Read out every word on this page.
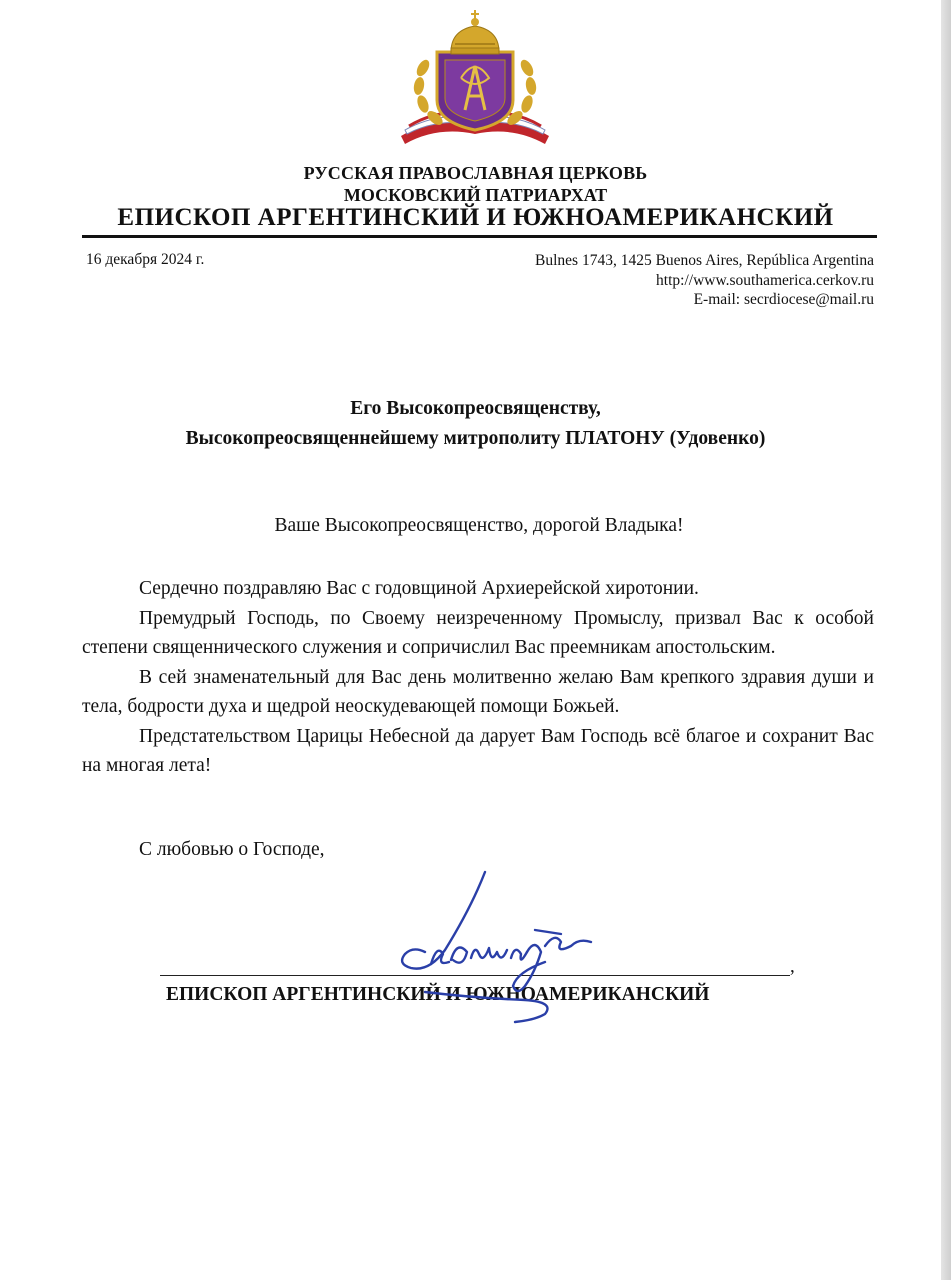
РУССКАЯ ПРАВОСЛАВНАЯ ЦЕРКОВЬ
МОСКОВСКИЙ ПАТРИАРХАТ
ЕПИСКОП АРГЕНТИНСКИЙ И ЮЖНОАМЕРИКАНСКИЙ
16 декабря 2024 г.	Bulnes 1743, 1425 Buenos Aires, República Argentina
http://www.southamerica.cerkov.ru
E-mail: secrdiocese@mail.ru
Его Высокопреосвященству,
Высокопреосвященнейшему митрополиту ПЛАТОНУ (Удовенко)
Ваше Высокопреосвященство, дорогой Владыка!

Сердечно поздравляю Вас с годовщиной Архиерейской хиротонии.

Премудрый Господь, по Своему неизреченному Промыслу, призвал Вас к особой степени священнического служения и сопричислил Вас преемникам апостольским.

В сей знаменательный для Вас день молитвенно желаю Вам крепкого здравия души и тела, бодрости духа и щедрой неоскудевающей помощи Божьей.

Предстательством Царицы Небесной да дарует Вам Господь всё благое и сохранит Вас на многая лета!

С любовью о Господе,
,
ЕПИСКОП АРГЕНТИНСКИЙ И ЮЖНОАМЕРИКАНСКИЙ
